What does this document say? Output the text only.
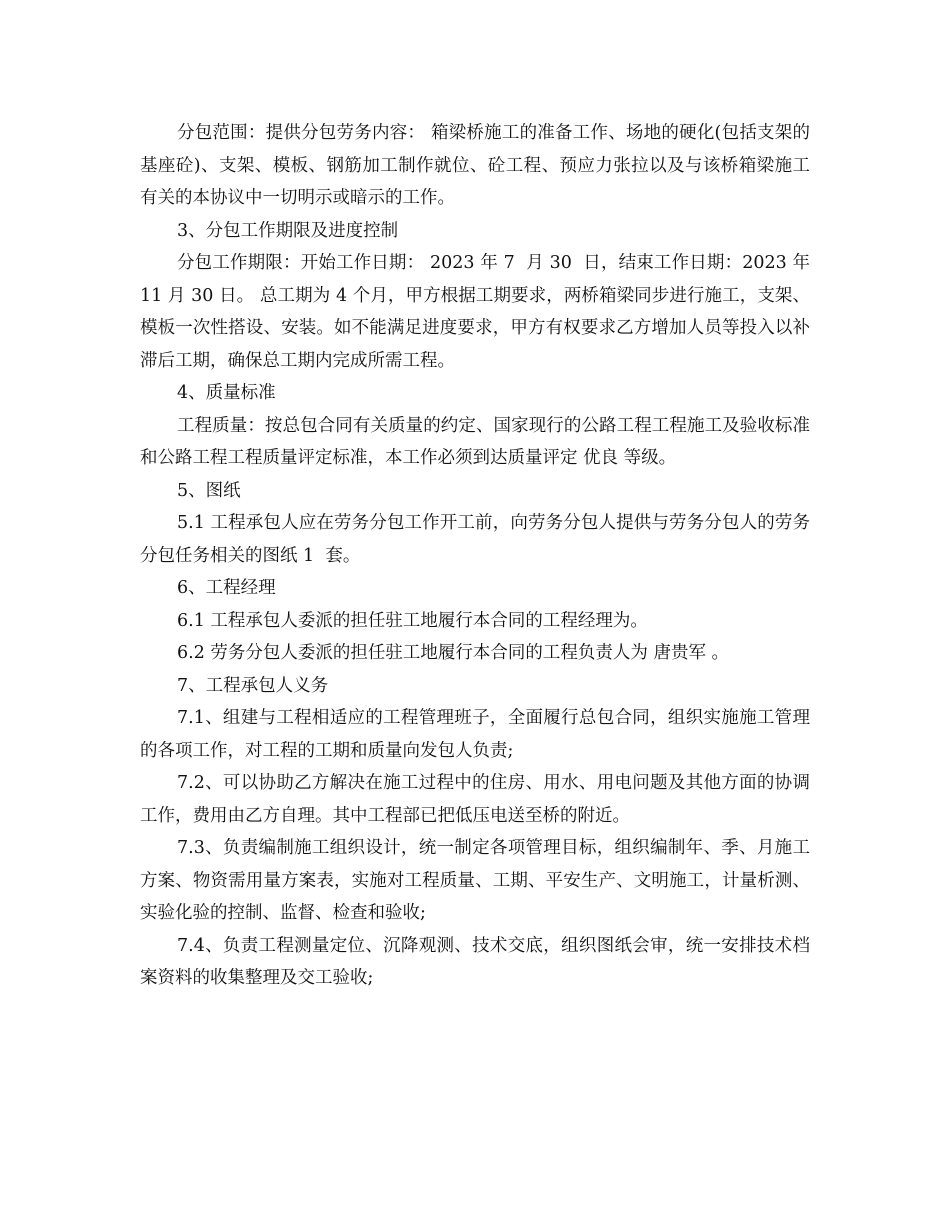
分包范围：提供分包劳务内容： 箱梁桥施工的准备工作、场地的硬化(包括支架的基座砼)、支架、模板、钢筋加工制作就位、砼工程、预应力张拉以及与该桥箱梁施工有关的本协议中一切明示或暗示的工作。

3、分包工作期限及进度控制

分包工作期限：开始工作日期： 2023 年 7  月 30  日，结束工作日期：2023 年 11 月 30 日。 总工期为 4 个月，甲方根据工期要求，两桥箱梁同步进行施工，支架、模板一次性搭设、安装。如不能满足进度要求，甲方有权要求乙方增加人员等投入以补滞后工期，确保总工期内完成所需工程。

4、质量标准

工程质量：按总包合同有关质量的约定、国家现行的公路工程工程施工及验收标准和公路工程工程质量评定标准，本工作必须到达质量评定 优良 等级。

5、图纸

5.1 工程承包人应在劳务分包工作开工前，向劳务分包人提供与劳务分包人的劳务分包任务相关的图纸 1  套。

6、工程经理

6.1 工程承包人委派的担任驻工地履行本合同的工程经理为。

6.2 劳务分包人委派的担任驻工地履行本合同的工程负责人为 唐贵军 。

7、工程承包人义务

7.1、组建与工程相适应的工程管理班子，全面履行总包合同，组织实施施工管理的各项工作，对工程的工期和质量向发包人负责;

7.2、可以协助乙方解决在施工过程中的住房、用水、用电问题及其他方面的协调工作，费用由乙方自理。其中工程部已把低压电送至桥的附近。

7.3、负责编制施工组织设计，统一制定各项管理目标，组织编制年、季、月施工方案、物资需用量方案表，实施对工程质量、工期、平安生产、文明施工，计量析测、实验化验的控制、监督、检查和验收;

7.4、负责工程测量定位、沉降观测、技术交底，组织图纸会审，统一安排技术档案资料的收集整理及交工验收;
